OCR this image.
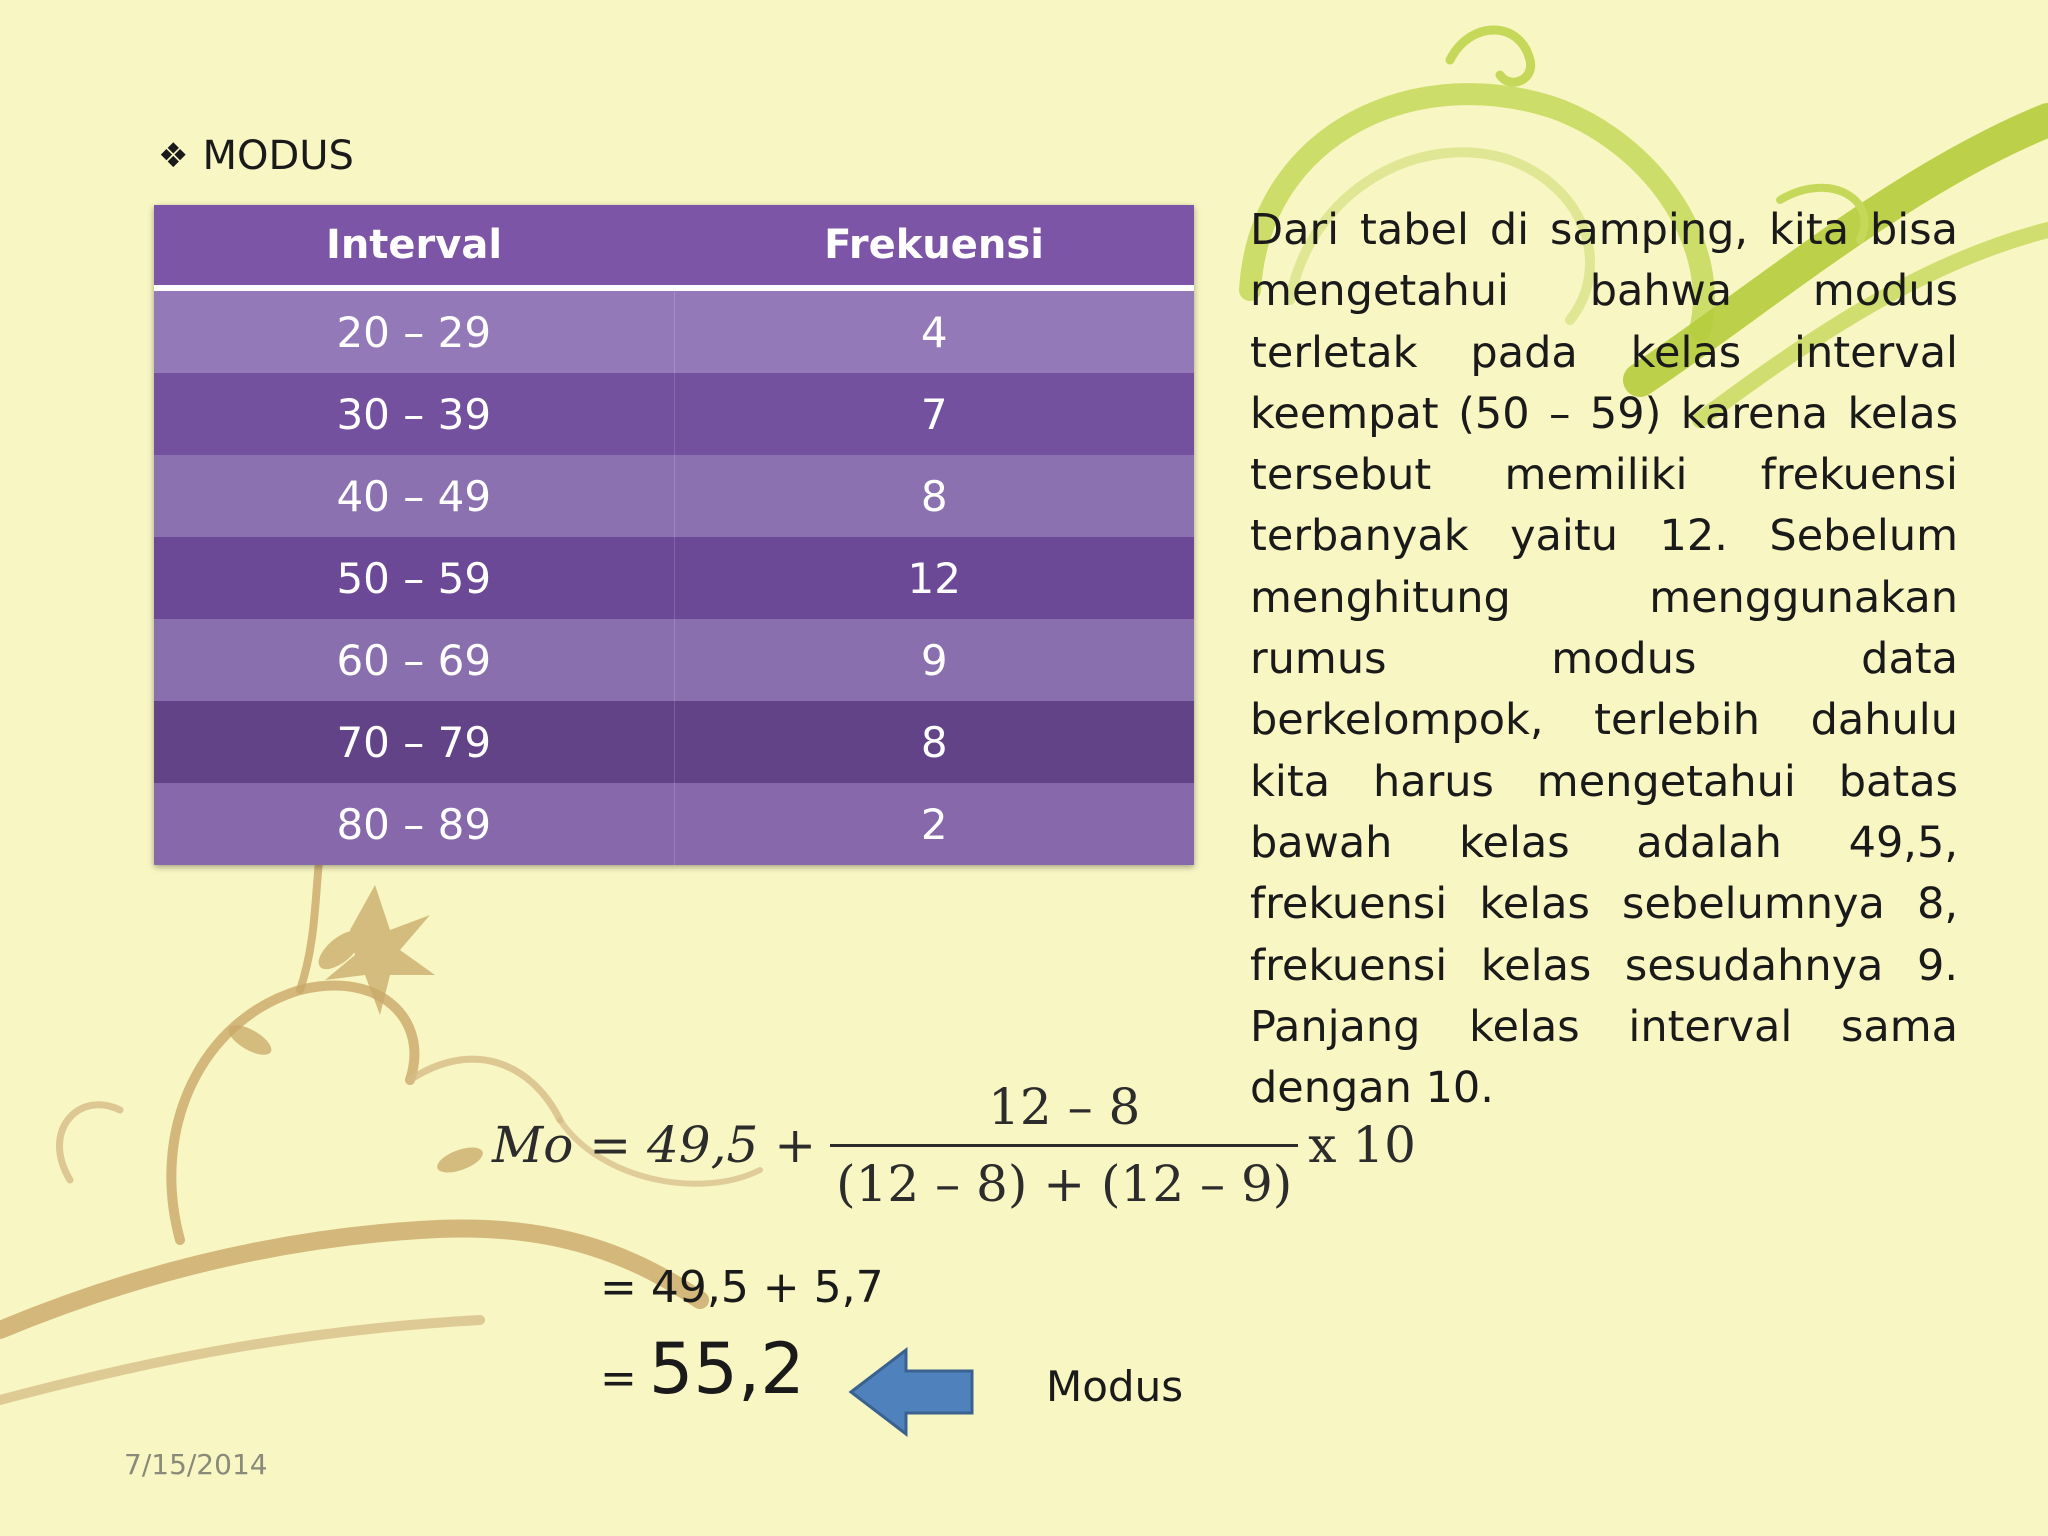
❖ MODUS
Interval	Frekuensi
20 – 29	4
30 – 39	7
40 – 49	8
50 – 59	12
60 – 69	9
70 – 79	8
80 – 89	2
Dari tabel di samping, kita bisa mengetahui bahwa modus terletak pada kelas interval keempat (50 – 59) karena kelas tersebut memiliki frekuensi terbanyak yaitu 12. Sebelum menghitung menggunakan rumus modus data berkelompok, terlebih dahulu kita harus mengetahui batas bawah kelas adalah 49,5, frekuensi kelas sebelumnya 8, frekuensi kelas sesudahnya 9. Panjang kelas interval sama dengan 10.
$Mo = 49,5 + \frac{12 - 8}{(12 - 8) + (12 - 9)}$ x 10
= 49,5 + 5,7
= 55,2	Modus
7/15/2014
